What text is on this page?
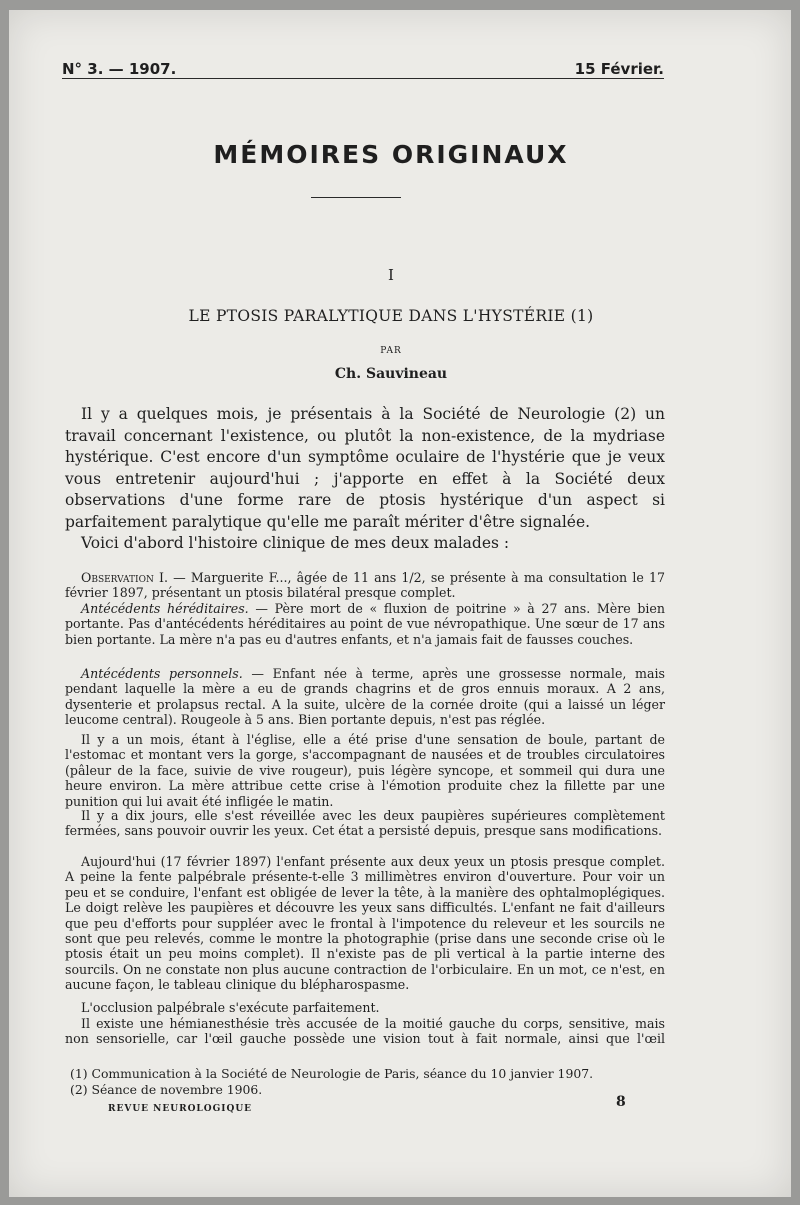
N° 3. — 1907.	15 Février.
MÉMOIRES ORIGINAUX
I
LE PTOSIS PARALYTIQUE DANS L'HYSTÉRIE (1)
PAR
Ch. Sauvineau

Il y a quelques mois, je présentais à la Société de Neurologie (2) un travail concernant l'existence, ou plutôt la non-existence, de la mydriase hystérique. C'est encore d'un symptôme oculaire de l'hystérie que je veux vous entretenir aujourd'hui ; j'apporte en effet à la Société deux observations d'une forme rare de ptosis hystérique d'un aspect si parfaitement paralytique qu'elle me paraît mériter d'être signalée.

Voici d'abord l'histoire clinique de mes deux malades :

Observation I. — Marguerite F..., âgée de 11 ans 1/2, se présente à ma consultation le 17 février 1897, présentant un ptosis bilatéral presque complet.

Antécédents héréditaires. — Père mort de « fluxion de poitrine » à 27 ans. Mère bien portante. Pas d'antécédents héréditaires au point de vue névropathique. Une sœur de 17 ans bien portante. La mère n'a pas eu d'autres enfants, et n'a jamais fait de fausses couches.

Antécédents personnels. — Enfant née à terme, après une grossesse normale, mais pendant laquelle la mère a eu de grands chagrins et de gros ennuis moraux. A 2 ans, dysenterie et prolapsus rectal. A la suite, ulcère de la cornée droite (qui a laissé un léger leucome central). Rougeole à 5 ans. Bien portante depuis, n'est pas réglée.

Il y a un mois, étant à l'église, elle a été prise d'une sensation de boule, partant de l'estomac et montant vers la gorge, s'accompagnant de nausées et de troubles circulatoires (pâleur de la face, suivie de vive rougeur), puis légère syncope, et sommeil qui dura une heure environ. La mère attribue cette crise à l'émotion produite chez la fillette par une punition qui lui avait été infligée le matin.

Il y a dix jours, elle s'est réveillée avec les deux paupières supérieures complètement fermées, sans pouvoir ouvrir les yeux. Cet état a persisté depuis, presque sans modifications.

Aujourd'hui (17 février 1897) l'enfant présente aux deux yeux un ptosis presque complet. A peine la fente palpébrale présente-t-elle 3 millimètres environ d'ouverture. Pour voir un peu et se conduire, l'enfant est obligée de lever la tête, à la manière des ophtalmoplégiques. Le doigt relève les paupières et découvre les yeux sans difficultés. L'enfant ne fait d'ailleurs que peu d'efforts pour suppléer avec le frontal à l'impotence du releveur et les sourcils ne sont que peu relevés, comme le montre la photographie (prise dans une seconde crise où le ptosis était un peu moins complet). Il n'existe pas de pli vertical à la partie interne des sourcils. On ne constate non plus aucune contraction de l'orbiculaire. En un mot, ce n'est, en aucune façon, le tableau clinique du blépharospasme.

L'occlusion palpébrale s'exécute parfaitement.

Il existe une hémianesthésie très accusée de la moitié gauche du corps, sensitive, mais non sensorielle, car l'œil gauche possède une vision tout à fait normale, ainsi que l'œil

(1) Communication à la Société de Neurologie de Paris, séance du 10 janvier 1907.
(2) Séance de novembre 1906.
REVUE NEUROLOGIQUE	8
